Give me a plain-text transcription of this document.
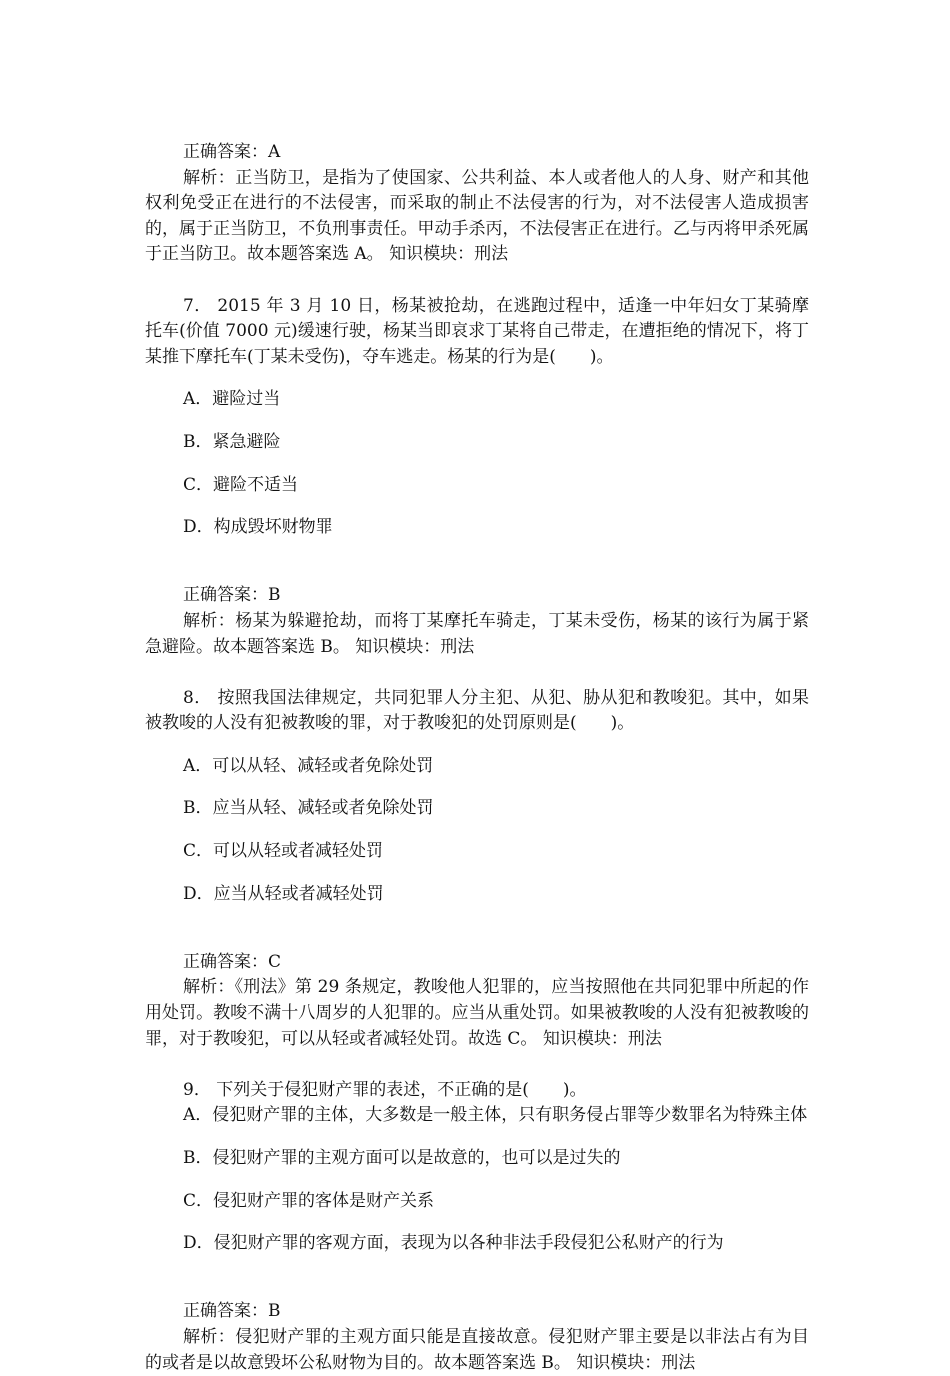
正确答案：A

解析：正当防卫，是指为了使国家、公共利益、本人或者他人的人身、财产和其他权利免受正在进行的不法侵害，而采取的制止不法侵害的行为，对不法侵害人造成损害的，属于正当防卫，不负刑事责任。甲动手杀丙，不法侵害正在进行。乙与丙将甲杀死属于正当防卫。故本题答案选 A。 知识模块：刑法

7． 2015 年 3 月 10 日，杨某被抢劫，在逃跑过程中，适逢一中年妇女丁某骑摩托车(价值 7000 元)缓速行驶，杨某当即哀求丁某将自己带走，在遭拒绝的情况下，将丁某推下摩托车(丁某未受伤)，夺车逃走。杨某的行为是(　　)。

A．避险过当

B．紧急避险

C．避险不适当

D．构成毁坏财物罪

正确答案：B

解析：杨某为躲避抢劫，而将丁某摩托车骑走，丁某未受伤，杨某的该行为属于紧急避险。故本题答案选 B。 知识模块：刑法

8． 按照我国法律规定，共同犯罪人分主犯、从犯、胁从犯和教唆犯。其中，如果被教唆的人没有犯被教唆的罪，对于教唆犯的处罚原则是(　　)。

A．可以从轻、减轻或者免除处罚

B．应当从轻、减轻或者免除处罚

C．可以从轻或者减轻处罚

D．应当从轻或者减轻处罚

正确答案：C

解析：《刑法》第 29 条规定，教唆他人犯罪的，应当按照他在共同犯罪中所起的作用处罚。教唆不满十八周岁的人犯罪的。应当从重处罚。如果被教唆的人没有犯被教唆的罪，对于教唆犯，可以从轻或者减轻处罚。故选 C。 知识模块：刑法

9． 下列关于侵犯财产罪的表述，不正确的是(　　)。

A．侵犯财产罪的主体，大多数是一般主体，只有职务侵占罪等少数罪名为特殊主体

B．侵犯财产罪的主观方面可以是故意的，也可以是过失的

C．侵犯财产罪的客体是财产关系

D．侵犯财产罪的客观方面，表现为以各种非法手段侵犯公私财产的行为

正确答案：B

解析：侵犯财产罪的主观方面只能是直接故意。侵犯财产罪主要是以非法占有为目的或者是以故意毁坏公私财物为目的。故本题答案选 B。 知识模块：刑法
